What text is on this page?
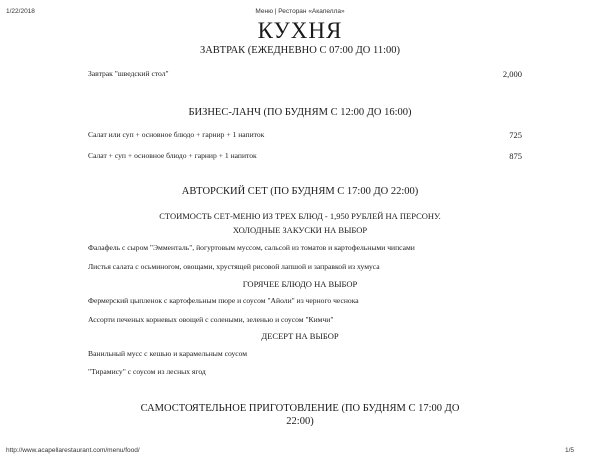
1/22/2018	Меню | Ресторан «Акапелла»
КУХНЯ
ЗАВТРАК (ЕЖЕДНЕВНО С 07:00 ДО 11:00)
Завтрак "шведский стол"	2,000
БИЗНЕС-ЛАНЧ (ПО БУДНЯМ С 12:00 ДО 16:00)
Салат или суп + основное блюдо + гарнир + 1 напиток	725
Салат + суп + основное блюдо + гарнир + 1 напиток	875
АВТОРСКИЙ СЕТ (ПО БУДНЯМ С 17:00 ДО 22:00)
СТОИМОСТЬ СЕТ-МЕНЮ ИЗ ТРЕХ БЛЮД - 1,950 РУБЛЕЙ НА ПЕРСОНУ.
ХОЛОДНЫЕ ЗАКУСКИ НА ВЫБОР
Фалафель с сыром "Эмменталь", йогуртовым муссом, сальсой из томатов и картофельными чипсами
Листья салата с осьминогом, овощами, хрустящей рисовой лапшой и заправкой из хумуса
ГОРЯЧЕЕ БЛЮДО НА ВЫБОР
Фермерский цыпленок с картофельным пюре и соусом "Айоли" из черного чеснока
Ассорти печеных корневых овощей с солеными, зеленью и соусом "Кимчи"
ДЕСЕРТ НА ВЫБОР
Ванильный мусс с кешью и карамельным соусом
"Тирамису" с соусом из лесных ягод
САМОСТОЯТЕЛЬНОЕ ПРИГОТОВЛЕНИЕ (ПО БУДНЯМ С 17:00 ДО
22:00)
http://www.acapellarestaurant.com/menu/food/	1/5
